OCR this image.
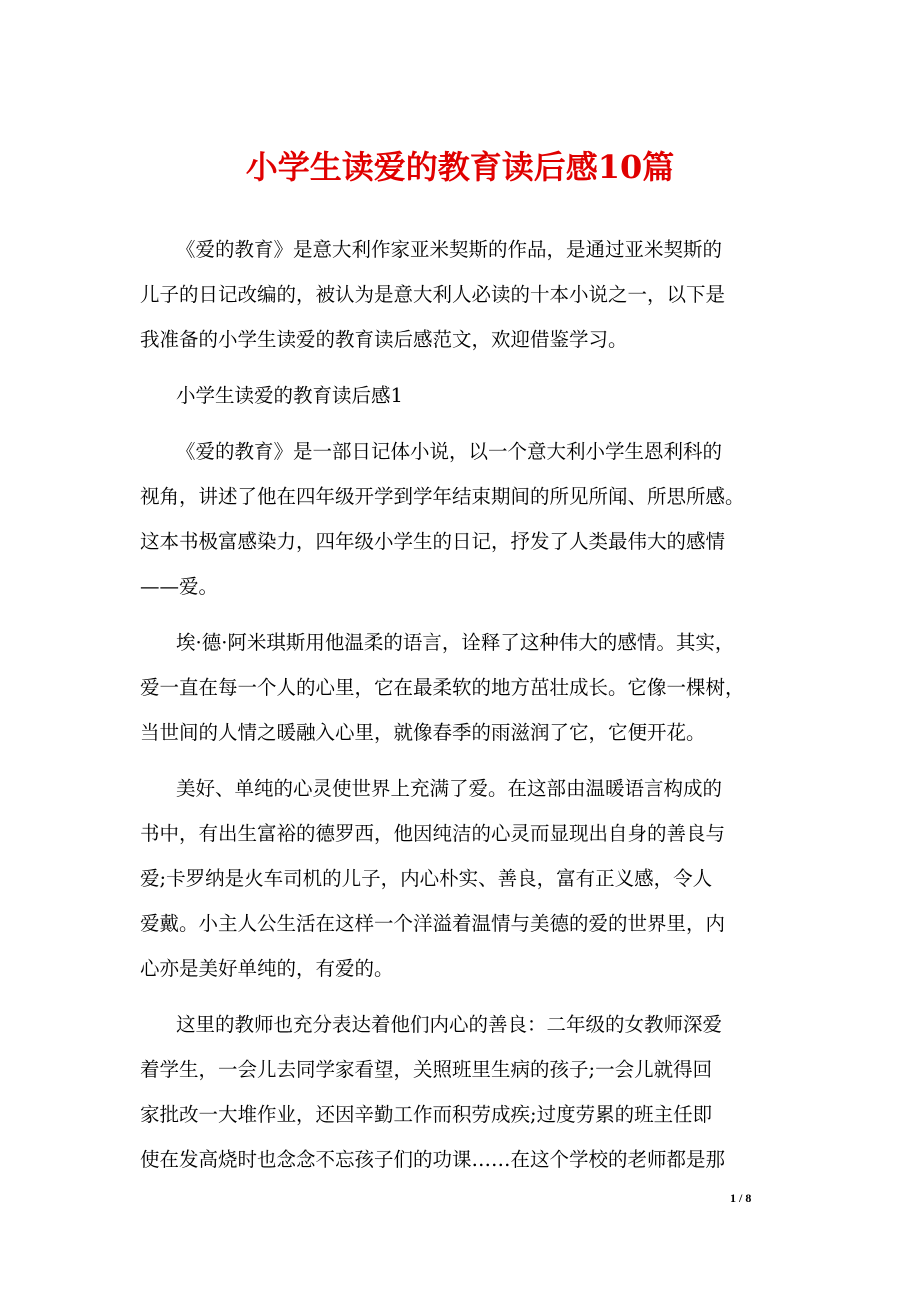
小学生读爱的教育读后感10篇
《爱的教育》是意大利作家亚米契斯的作品，是通过亚米契斯的
儿子的日记改编的，被认为是意大利人必读的十本小说之一，以下是
我准备的小学生读爱的教育读后感范文，欢迎借鉴学习。
小学生读爱的教育读后感1
《爱的教育》是一部日记体小说，以一个意大利小学生恩利科的
视角，讲述了他在四年级开学到学年结束期间的所见所闻、所思所感。
这本书极富感染力，四年级小学生的日记，抒发了人类最伟大的感情
——爱。
埃·德·阿米琪斯用他温柔的语言，诠释了这种伟大的感情。其实，
爱一直在每一个人的心里，它在最柔软的地方茁壮成长。它像一棵树，
当世间的人情之暖融入心里，就像春季的雨滋润了它，它便开花。
美好、单纯的心灵使世界上充满了爱。在这部由温暖语言构成的
书中，有出生富裕的德罗西，他因纯洁的心灵而显现出自身的善良与
爱;卡罗纳是火车司机的儿子，内心朴实、善良，富有正义感，令人
爱戴。小主人公生活在这样一个洋溢着温情与美德的爱的世界里，内
心亦是美好单纯的，有爱的。
这里的教师也充分表达着他们内心的善良：二年级的女教师深爱
着学生，一会儿去同学家看望，关照班里生病的孩子;一会儿就得回
家批改一大堆作业，还因辛勤工作而积劳成疾;过度劳累的班主任即
使在发高烧时也念念不忘孩子们的功课……在这个学校的老师都是那
1 / 8
